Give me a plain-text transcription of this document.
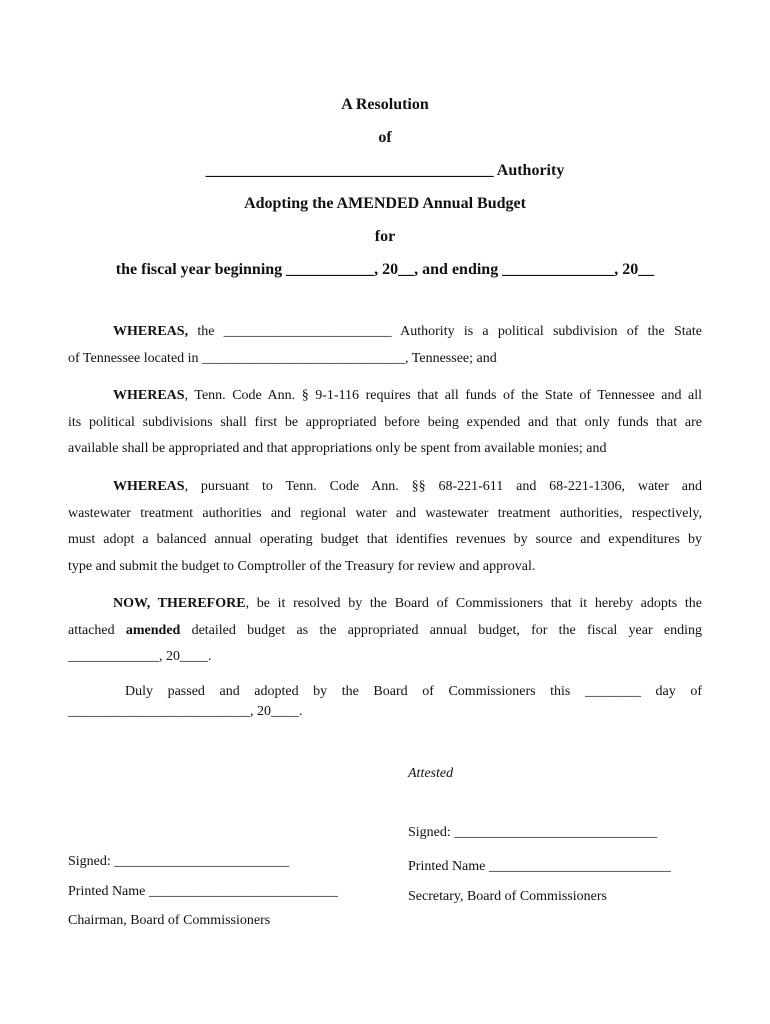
A Resolution
of
____________________________________ Authority
Adopting the AMENDED Annual Budget
for
the fiscal year beginning ___________, 20__, and ending ______________, 20__
WHEREAS, the ________________________ Authority is a political subdivision of the State
of Tennessee located in _____________________________, Tennessee; and
WHEREAS, Tenn. Code Ann. § 9-1-116 requires that all funds of the State of Tennessee and all
its political subdivisions shall first be appropriated before being expended and that only funds that are
available shall be appropriated and that appropriations only be spent from available monies; and
WHEREAS, pursuant to Tenn. Code Ann. §§ 68-221-611 and 68-221-1306, water and
wastewater treatment authorities and regional water and wastewater treatment authorities, respectively,
must adopt a balanced annual operating budget that identifies revenues by source and expenditures by
type and submit the budget to Comptroller of the Treasury for review and approval.
NOW, THEREFORE, be it resolved by the Board of Commissioners that it hereby adopts the
attached amended detailed budget as the appropriated annual budget, for the fiscal year ending
_____________, 20____.
Duly passed and adopted by the Board of Commissioners this ________ day of
__________________________, 20____.
Attested
Signed: _____________________________
Printed Name __________________________
Secretary, Board of Commissioners
Signed: _________________________
Printed Name ___________________________
Chairman, Board of Commissioners
